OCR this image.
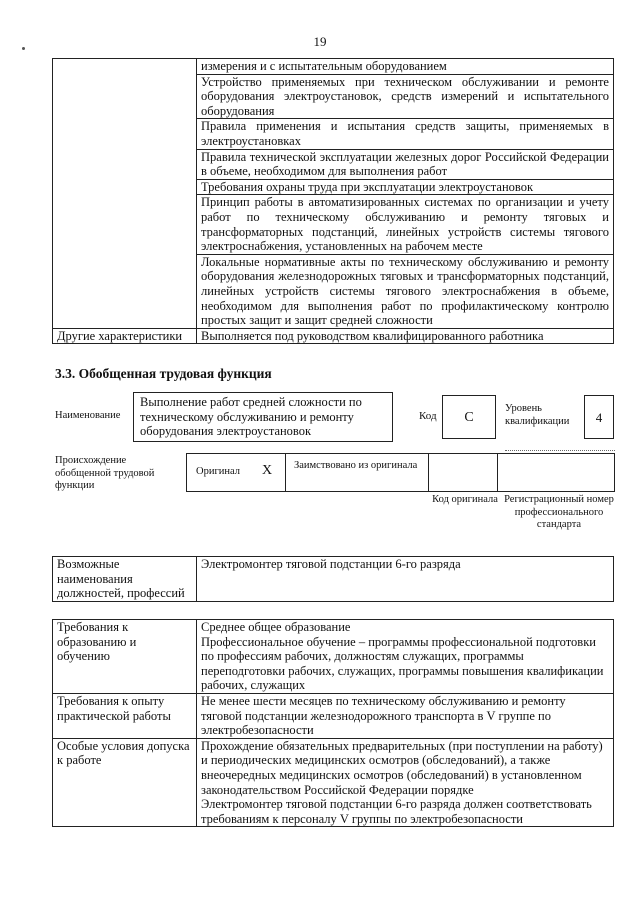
19
	измерения и с испытательным оборудованием
	Устройство применяемых при техническом обслуживании и ремонте оборудования электроустановок, средств измерений и испытательного оборудования
	Правила применения и испытания средств защиты, применяемых в электроустановках
	Правила технической эксплуатации железных дорог Российской Федерации в объеме, необходимом для выполнения работ
	Требования охраны труда при эксплуатации электроустановок
	Принцип работы в автоматизированных системах по организации и учету работ по техническому обслуживанию и ремонту тяговых и трансформаторных подстанций, линейных устройств системы тягового электроснабжения, установленных на рабочем месте
	Локальные нормативные акты по техническому обслуживанию и ремонту оборудования железнодорожных тяговых и трансформаторных подстанций, линейных устройств системы тягового электроснабжения в объеме, необходимом для выполнения работ по профилактическому контролю простых защит и защит средней сложности
Другие характеристики	Выполняется под руководством квалифицированного работника
3.3. Обобщенная трудовая функция
Наименование
Выполнение работ средней сложности по техническому обслуживанию и ремонту оборудования электроустановок
Код	C
Уровень квалификации	4
Происхождение обобщенной трудовой функции
Оригинал X Заимствовано из оригинала
Код оригинала Регистрационный номер профессионального стандарта
Возможные наименования должностей, профессий	Электромонтер тяговой подстанции 6-го разряда
Требования к образованию и обучению	Среднее общее образование
Профессиональное обучение – программы профессиональной подготовки по профессиям рабочих, должностям служащих, программы переподготовки рабочих, служащих, программы повышения квалификации рабочих, служащих

Требования к опыту практической работы	Не менее шести месяцев по техническому обслуживанию и ремонту тяговой подстанции железнодорожного транспорта в V группе по электробезопасности

Особые условия допуска к работе	Прохождение обязательных предварительных (при поступлении на работу) и периодических медицинских осмотров (обследований), а также внеочередных медицинских осмотров (обследований) в установленном законодательством Российской Федерации порядке
Электромонтер тяговой подстанции 6-го разряда должен соответствовать требованиям к персоналу V группы по электробезопасности
